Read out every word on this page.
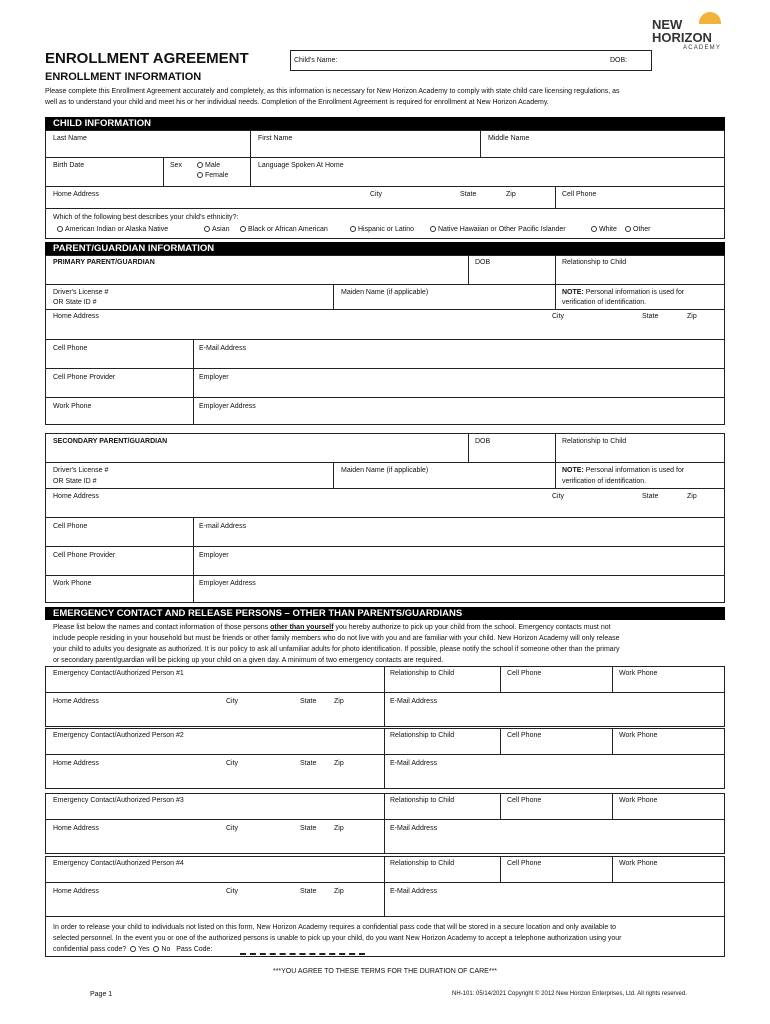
NEW
HORIZON
ACADEMY
ENROLLMENT AGREEMENT	Child's Name:	DOB:
ENROLLMENT INFORMATION
Please complete this Enrollment Agreement accurately and completely, as this information is necessary for New Horizon Academy to comply with state child care licensing regulations, as
well as to understand your child and meet his or her individual needs. Completion of the Enrollment Agreement is required for enrollment at New Horizon Academy.
CHILD INFORMATION
Last Name	First Name	Middle Name
Birth Date	Sex	Male
Female
Language Spoken At Home
Home Address	City	State	Zip	Cell Phone
Which of the following best describes your child's ethnicity?:
American Indian or Alaska Native	Asian	Black or African American	Hispanic or Latino	Native Hawaiian or Other Pacific Islander	White	Other
PARENT/GUARDIAN INFORMATION
PRIMARY PARENT/GUARDIAN	DOB	Relationship to Child
Driver's License #
OR State ID #
Maiden Name (if applicable)	NOTE: Personal information is used for
verification of identification.
Home Address	City	State	Zip
Cell Phone	E-Mail Address
Cell Phone Provider	Employer
Work Phone	Employer Address
SECONDARY PARENT/GUARDIAN	DOB	Relationship to Child
Driver's License #
OR State ID #
Maiden Name (if applicable)	NOTE: Personal information is used for
verification of identification.
Home Address	City	State	Zip
Cell Phone	E-mail Address
Cell Phone Provider	Employer
Work Phone	Employer Address
EMERGENCY CONTACT AND RELEASE PERSONS – OTHER THAN PARENTS/GUARDIANS
Please list below the names and contact information of those persons other than yourself you hereby authorize to pick up your child from the school. Emergency contacts must not
include people residing in your household but must be friends or other family members who do not live with you and are familiar with your child. New Horizon Academy will only release
your child to adults you designate as authorized. It is our policy to ask all unfamiliar adults for photo identification. If possible, please notify the school if someone other than the primary
or secondary parent/guardian will be picking up your child on a given day. A minimum of two emergency contacts are required.
Emergency Contact/Authorized Person #1	Relationship to Child	Cell Phone	Work Phone
Home Address	City	State	Zip	E-Mail Address
Emergency Contact/Authorized Person #2	Relationship to Child	Cell Phone	Work Phone
Home Address	City	State	Zip	E-Mail Address
Emergency Contact/Authorized Person #3	Relationship to Child	Cell Phone	Work Phone
Home Address	City	State	Zip	E-Mail Address
Emergency Contact/Authorized Person #4	Relationship to Child	Cell Phone	Work Phone
Home Address	City	State	Zip	E-Mail Address
In order to release your child to individuals not listed on this form, New Horizon Academy requires a confidential pass code that will be stored in a secure location and only available to
selected personnel. In the event you or one of the authorized persons is unable to pick up your child, do you want New Horizon Academy to accept a telephone authorization using your
confidential pass code? Yes No Pass Code:
***YOU AGREE TO THESE TERMS FOR THE DURATION OF CARE***
Page 1	NH-101: 05/14/2021 Copyright © 2012 New Horizon Enterprises, Ltd. All rights reserved.
